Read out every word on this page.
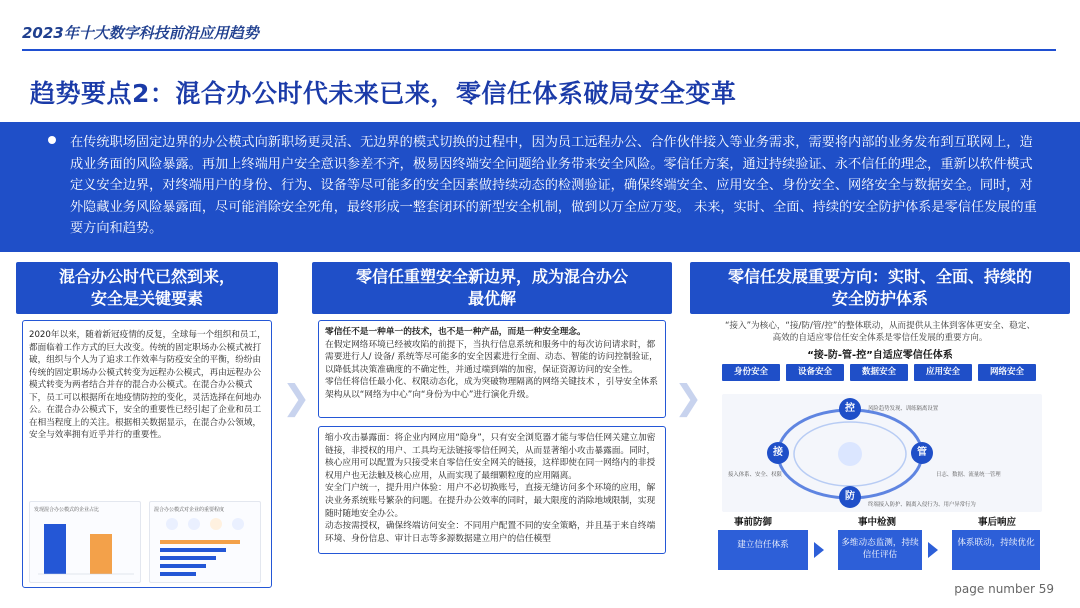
2023年十大数字科技前沿应用趋势
趋势要点2：混合办公时代未来已来，零信任体系破局安全变革
在传统职场固定边界的办公模式向新职场更灵活、无边界的模式切换的过程中，因为员工远程办公、合作伙伴接入等业务需求，需要将内部的业务发布到互联网上，造成业务面的风险暴露。再加上终端用户安全意识参差不齐，极易因终端安全问题给业务带来安全风险。零信任方案，通过持续验证、永不信任的理念，重新以软件模式定义安全边界，对终端用户的身份、行为、设备等尽可能多的安全因素做持续动态的检测验证，确保终端安全、应用安全、身份安全、网络安全与数据安全。同时，对外隐藏业务风险暴露面，尽可能消除安全死角，最终形成一整套闭环的新型安全机制，做到以万全应万变。 未来，实时、全面、持续的安全防护体系是零信任发展的重要方向和趋势。
混合办公时代已然到来，
安全是关键要素
2020年以来，随着新冠疫情的反复，全球每一个组织和员工，都面临着工作方式的巨大改变。传统的固定职场办公模式被打破，组织与个人为了追求工作效率与防疫安全的平衡，纷纷由传统的固定职场办公模式转变为远程办公模式，再由远程办公模式转变为两者结合并存的混合办公模式。在混合办公模式下，员工可以根据所在地疫情防控的变化，灵活选择在何地办公。在混合办公模式下，安全的重要性已经引起了企业和员工在相当程度上的关注。根据相关数据显示，在混合办公领域，安全与效率拥有近乎并行的重要性。
发现混合办公模式的企业占比	混合办公模式对企业的重要程度
❯	❯
零信任重塑安全新边界，成为混合办公
最优解
零信任不是一种单一的技术，也不是一种产品，而是一种安全理念。
在假定网络环境已经被攻陷的前提下，当执行信息系统和服务中的每次访问请求时，都需要进行人/ 设备/ 系统等尽可能多的安全因素进行全面、动态、智能的访问控制验证，以降低其决策准确度的不确定性，并通过端到端的加密，保证资源访问的安全性。
零信任将信任最小化、权限动态化，成为突破物理隔离的网络关键技术 ，引导安全体系架构从以“网络为中心”向“身份为中心”进行演化升级。
缩小攻击暴露面：将企业内网应用“隐身”，只有安全浏览器才能与零信任网关建立加密链接，非授权的用户、工具均无法链接零信任网关，从而显著缩小攻击暴露面。同时，核心应用可以配置为只接受来自零信任安全网关的链接，这样即使在同一网络内的非授权用户也无法触及核心应用，从而实现了最细颗粒度的应用隔离。
安全门户统一，提升用户体验：用户不必切换账号，直接无缝访问多个环境的应用，解决业务系统账号繁杂的问题。在提升办公效率的同时，最大限度的消除地域限制，实现随时随地安全办公。
动态按需授权，确保终端访问安全：不同用户配置不同的安全策略，并且基于来自终端环境、身份信息、审计日志等多源数据建立用户的信任模型
零信任发展重要方向：实时、全面、持续的
安全防护体系
“接入”为核心，“接/防/管/控”的整体联动，从而提供从主体到客体更安全、稳定、
高效的自适应零信任安全体系是零信任发展的重要方向。
“接-防-管-控”自适应零信任体系
身份安全	设备安全	数据安全	应用安全	网络安全
控
接	管
防
风险趋势发现、训练隔离设置
接入体系、安全、权限	日志、数据、流量统一管理
终端接入防护、隔离入侵行为、用户异常行为
事前防御	事中检测	事后响应
建立信任体系	多维动态监测，持续信任评估
体系联动，持续优化
page number 59
